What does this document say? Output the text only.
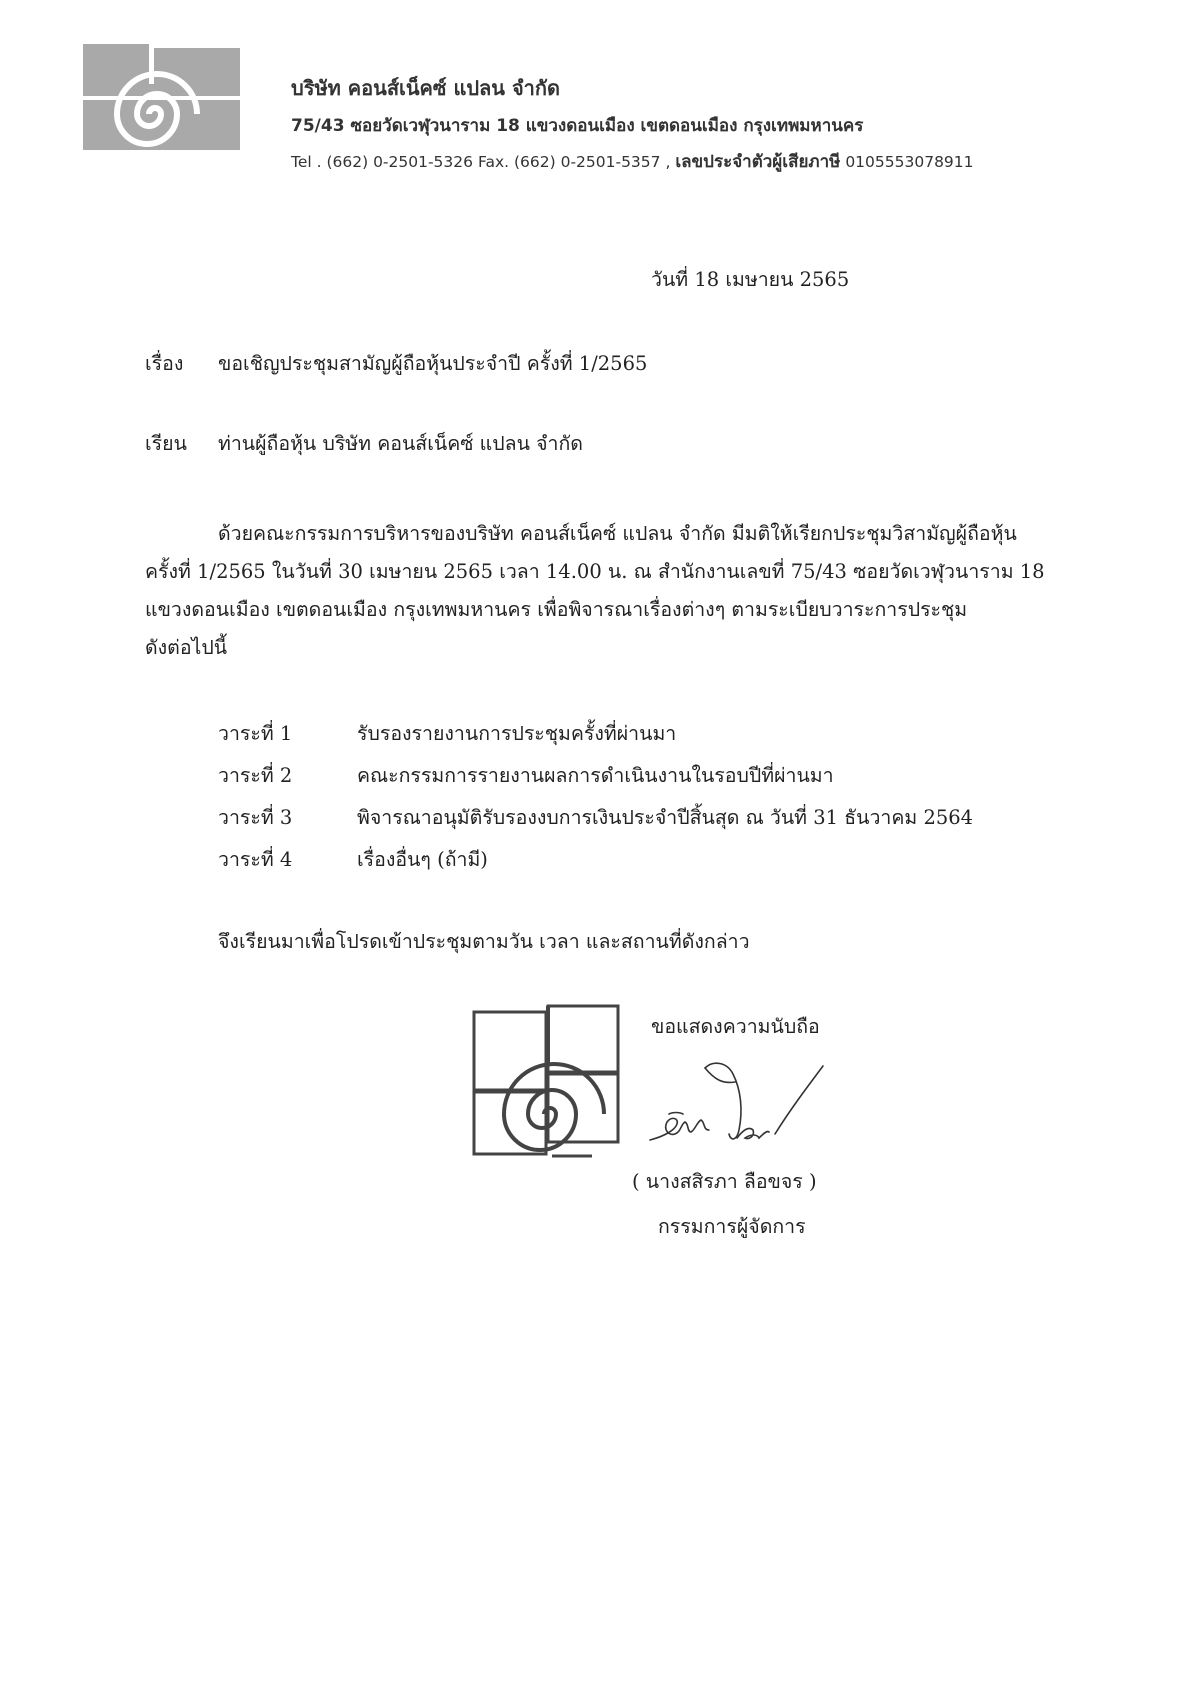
บริษัท คอนส์เน็คซ์ แปลน จำกัด
75/43 ซอยวัดเวฬุวนาราม 18 แขวงดอนเมือง เขตดอนเมือง กรุงเทพมหานคร
Tel . (662) 0-2501-5326 Fax. (662) 0-2501-5357 , เลขประจำตัวผู้เสียภาษี 0105553078911
วันที่ 18 เมษายน 2565
เรื่อง ขอเชิญประชุมสามัญผู้ถือหุ้นประจำปี ครั้งที่ 1/2565
เรียน ท่านผู้ถือหุ้น บริษัท คอนส์เน็คซ์ แปลน จำกัด
ด้วยคณะกรรมการบริหารของบริษัท คอนส์เน็คซ์ แปลน จำกัด มีมติให้เรียกประชุมวิสามัญผู้ถือหุ้น
ครั้งที่ 1/2565 ในวันที่ 30 เมษายน 2565 เวลา 14.00 น. ณ สำนักงานเลขที่ 75/43 ซอยวัดเวฬุวนาราม 18
แขวงดอนเมือง เขตดอนเมือง กรุงเทพมหานคร เพื่อพิจารณาเรื่องต่างๆ ตามระเบียบวาระการประชุม
ดังต่อไปนี้
วาระที่ 1	รับรองรายงานการประชุมครั้งที่ผ่านมา
วาระที่ 2	คณะกรรมการรายงานผลการดำเนินงานในรอบปีที่ผ่านมา
วาระที่ 3	พิจารณาอนุมัติรับรองงบการเงินประจำปีสิ้นสุด ณ วันที่ 31 ธันวาคม 2564
วาระที่ 4	เรื่องอื่นๆ (ถ้ามี)
จึงเรียนมาเพื่อโปรดเข้าประชุมตามวัน เวลา และสถานที่ดังกล่าว
ขอแสดงความนับถือ
( นางสสิรภา ลือขจร )
กรรมการผู้จัดการ
